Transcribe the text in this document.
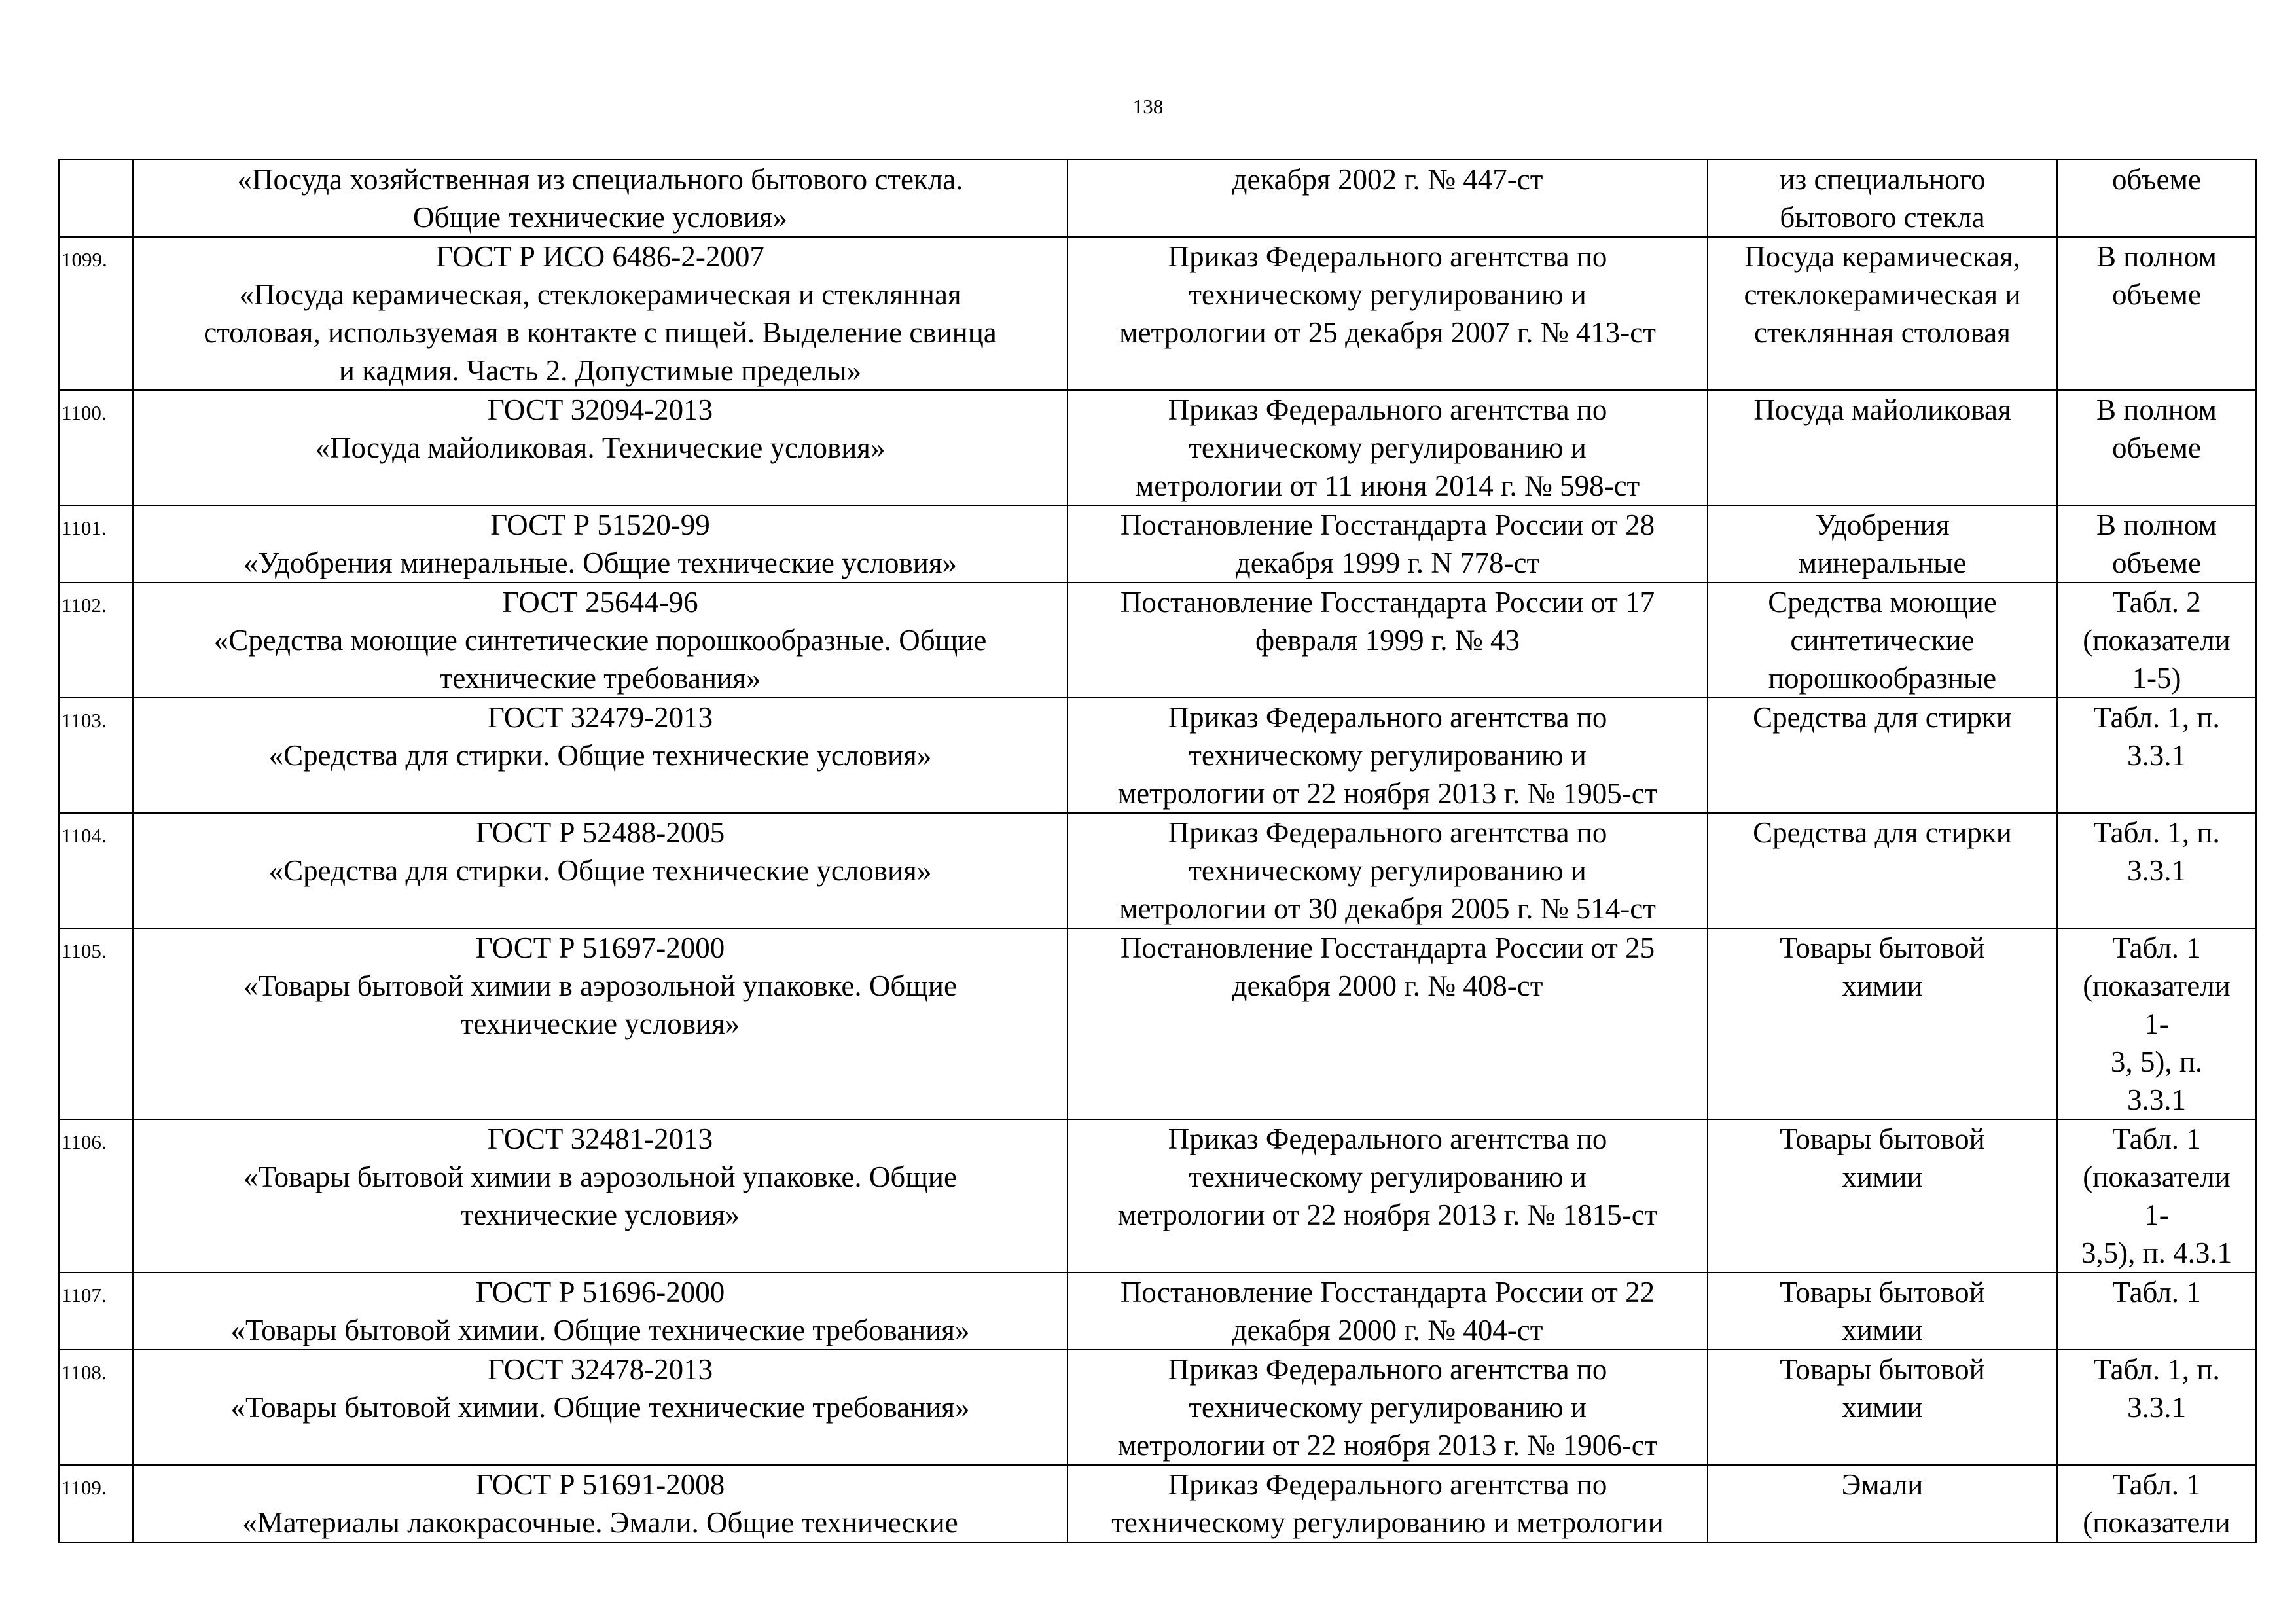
138

	«Посуда хозяйственная из специального бытового стекла.
Общие технические условия»	декабря 2002 г. № 447-ст	из специального
бытового стекла	объеме

1099.	ГОСТ Р ИСО 6486-2-2007
«Посуда керамическая, стеклокерамическая и стеклянная
столовая, используемая в контакте с пищей. Выделение свинца
и кадмия. Часть 2. Допустимые пределы»	Приказ Федерального агентства по
техническому регулированию и
метрологии от 25 декабря 2007 г. № 413-ст	Посуда керамическая,
стеклокерамическая и
стеклянная столовая	В полном
объеме

1100.	ГОСТ 32094-2013
«Посуда майоликовая. Технические условия»	Приказ Федерального агентства по
техническому регулированию и
метрологии от 11 июня 2014 г. № 598-ст	Посуда майоликовая	В полном
объеме

1101.	ГОСТ Р 51520-99
«Удобрения минеральные. Общие технические условия»	Постановление Госстандарта России от 28
декабря 1999 г. N 778-ст	Удобрения
минеральные	В полном
объеме

1102.	ГОСТ 25644-96
«Средства моющие синтетические порошкообразные. Общие
технические требования»	Постановление Госстандарта России от 17
февраля 1999 г. № 43	Средства моющие
синтетические
порошкообразные	Табл. 2
(показатели
1-5)

1103.	ГОСТ 32479-2013
«Средства для стирки. Общие технические условия»	Приказ Федерального агентства по
техническому регулированию и
метрологии от 22 ноября 2013 г. № 1905-ст	Средства для стирки	Табл. 1, п.
3.3.1

1104.	ГОСТ Р 52488-2005
«Средства для стирки. Общие технические условия»	Приказ Федерального агентства по
техническому регулированию и
метрологии от 30 декабря 2005 г. № 514-ст	Средства для стирки	Табл. 1, п.
3.3.1

1105.	ГОСТ Р 51697-2000
«Товары бытовой химии в аэрозольной упаковке. Общие
технические условия»	Постановление Госстандарта России от 25
декабря 2000 г. № 408-ст	Товары бытовой
химии	Табл. 1
(показатели
1-
3, 5), п.
3.3.1

1106.	ГОСТ 32481-2013
«Товары бытовой химии в аэрозольной упаковке. Общие
технические условия»	Приказ Федерального агентства по
техническому регулированию и
метрологии от 22 ноября 2013 г. № 1815-ст	Товары бытовой
химии	Табл. 1
(показатели
1-
3,5), п. 4.3.1

1107.	ГОСТ Р 51696-2000
«Товары бытовой химии. Общие технические требования»	Постановление Госстандарта России от 22
декабря 2000 г. № 404-ст	Товары бытовой
химии	Табл. 1

1108.	ГОСТ 32478-2013
«Товары бытовой химии. Общие технические требования»	Приказ Федерального агентства по
техническому регулированию и
метрологии от 22 ноября 2013 г. № 1906-ст	Товары бытовой
химии	Табл. 1, п.
3.3.1

1109.	ГОСТ Р 51691-2008
«Материалы лакокрасочные. Эмали. Общие технические	Приказ Федерального агентства по
техническому регулированию и метрологии	Эмали	Табл. 1
(показатели
